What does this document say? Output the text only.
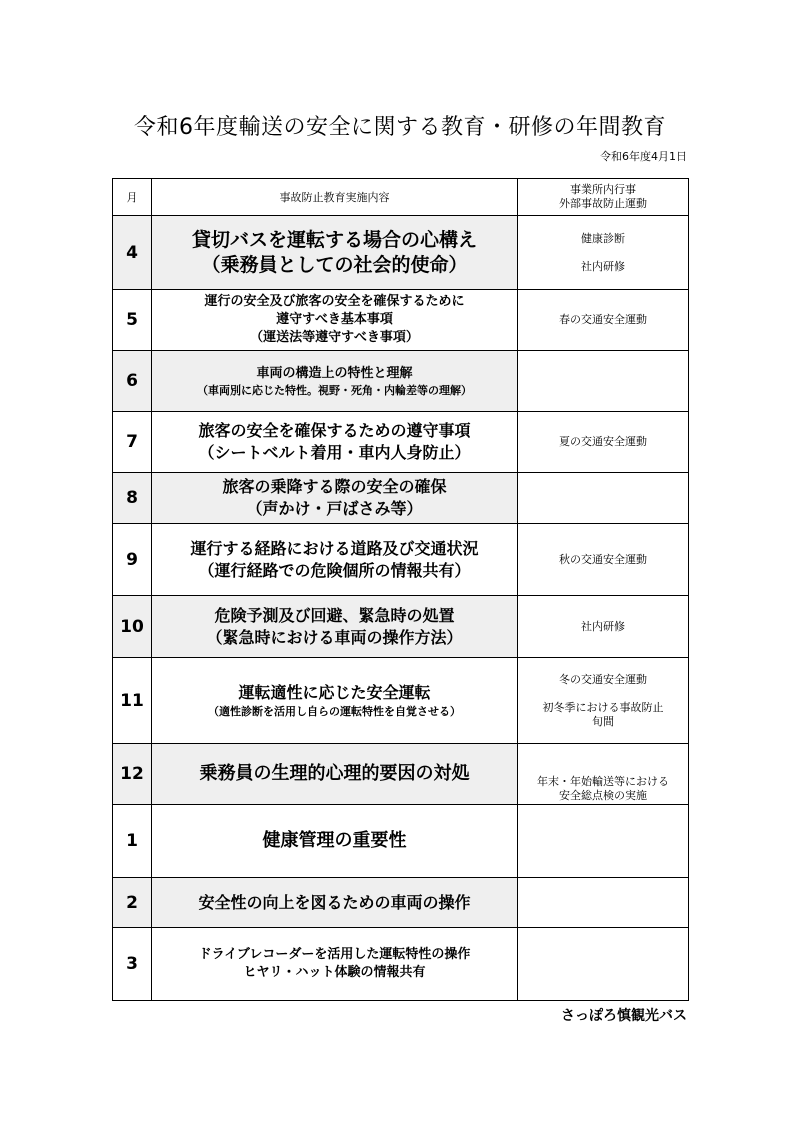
令和6年度輸送の安全に関する教育・研修の年間教育
令和6年度4月1日
月	事故防止教育実施内容	事業所内行事
外部事故防止運動

4	貸切バスを運転する場合の心構え
（乗務員としての社会的使命）	健康診断
社内研修

5	運行の安全及び旅客の安全を確保するために
遵守すべき基本事項
（運送法等遵守すべき事項）	春の交通安全運動

6	車両の構造上の特性と理解
（車両別に応じた特性。視野・死角・内輪差等の理解）	

7	旅客の安全を確保するための遵守事項
（シートベルト着用・車内人身防止）	夏の交通安全運動

8	旅客の乗降する際の安全の確保
（声かけ・戸ばさみ等）	

9	運行する経路における道路及び交通状況
（運行経路での危険個所の情報共有）	秋の交通安全運動

10	危険予測及び回避、緊急時の処置
（緊急時における車両の操作方法）	社内研修

11	運転適性に応じた安全運転
（適性診断を活用し自らの運転特性を自覚させる）	冬の交通安全運動
初冬季における事故防止
旬間

12	乗務員の生理的心理的要因の対処	年末・年始輸送等における
安全総点検の実施

1	健康管理の重要性	

2	安全性の向上を図るための車両の操作	

3	ドライブレコーダーを活用した運転特性の操作
ヒヤリ・ハット体験の情報共有	

さっぽろ慎観光バス
